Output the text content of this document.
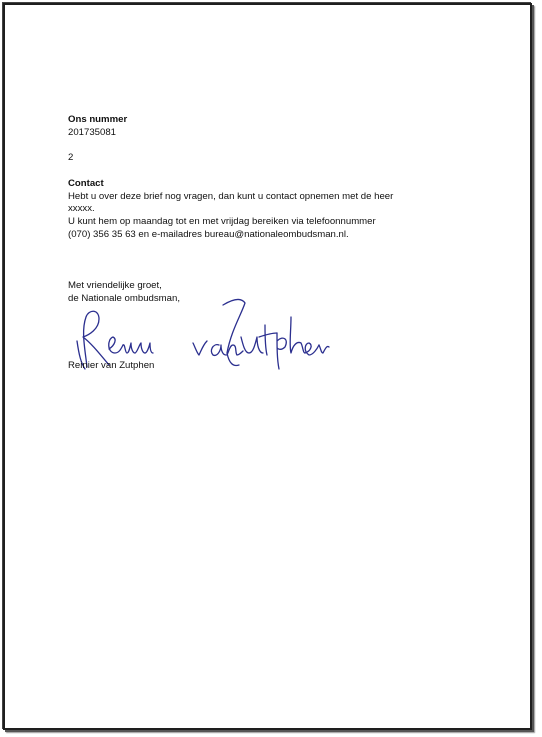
Ons nummer
201735081
2
Contact
Hebt u over deze brief nog vragen, dan kunt u contact opnemen met de heer
xxxxx.
U kunt hem op maandag tot en met vrijdag bereiken via telefoonnummer
(070) 356 35 63 en e-mailadres bureau@nationaleombudsman.nl.
Met vriendelijke groet,
de Nationale ombudsman,
Reinier van Zutphen
